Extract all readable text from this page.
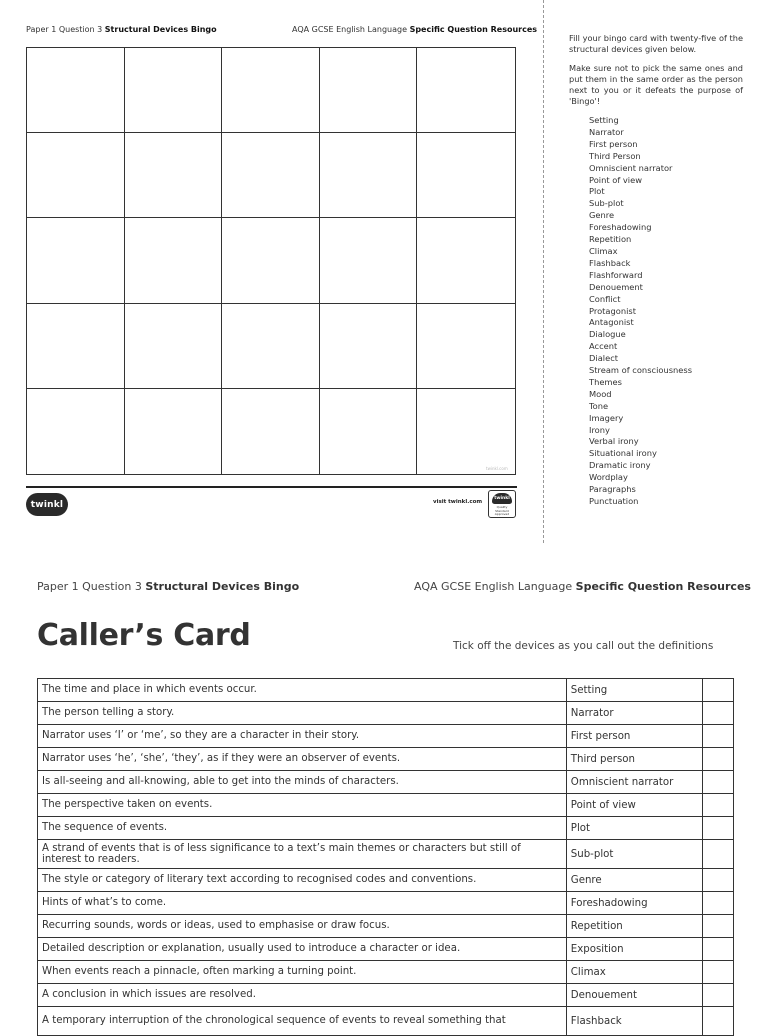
Paper 1 Question 3 Structural Devices Bingo	AQA GCSE English Language Specific Question Resources
twinkl.com
twinkl	visit twinkl.com
twinkl
Quality Standard Approved
Fill your bingo card with twenty-five of the structural devices given below.
Make sure not to pick the same ones and put them in the same order as the person next to you or it defeats the purpose of 'Bingo'!
Setting
Narrator
First person
Third Person
Omniscient narrator
Point of view
Plot
Sub-plot
Genre
Foreshadowing
Repetition
Climax
Flashback
Flashforward
Denouement
Conflict
Protagonist
Antagonist
Dialogue
Accent
Dialect
Stream of consciousness
Themes
Mood
Tone
Imagery
Irony
Verbal irony
Situational irony
Dramatic irony
Wordplay
Paragraphs
Punctuation
Paper 1 Question 3 Structural Devices Bingo	AQA GCSE English Language Specific Question Resources
Caller’s Card	Tick off the devices as you call out the definitions
The time and place in which events occur.	Setting	
The person telling a story.	Narrator	
Narrator uses ‘I’ or ‘me’, so they are a character in their story.	First person	
Narrator uses ‘he’, ‘she’, ‘they’, as if they were an observer of events.	Third person	
Is all-seeing and all-knowing, able to get into the minds of characters.	Omniscient narrator	
The perspective taken on events.	Point of view	
The sequence of events.	Plot	
A strand of events that is of less significance to a text’s main themes or characters but still of interest to readers.	Sub-plot	
The style or category of literary text according to recognised codes and conventions.	Genre	
Hints of what’s to come.	Foreshadowing	
Recurring sounds, words or ideas, used to emphasise or draw focus.	Repetition	
Detailed description or explanation, usually used to introduce a character or idea.	Exposition	
When events reach a pinnacle, often marking a turning point.	Climax	
A conclusion in which issues are resolved.	Denouement	
A temporary interruption of the chronological sequence of events to reveal something that	Flashback	
